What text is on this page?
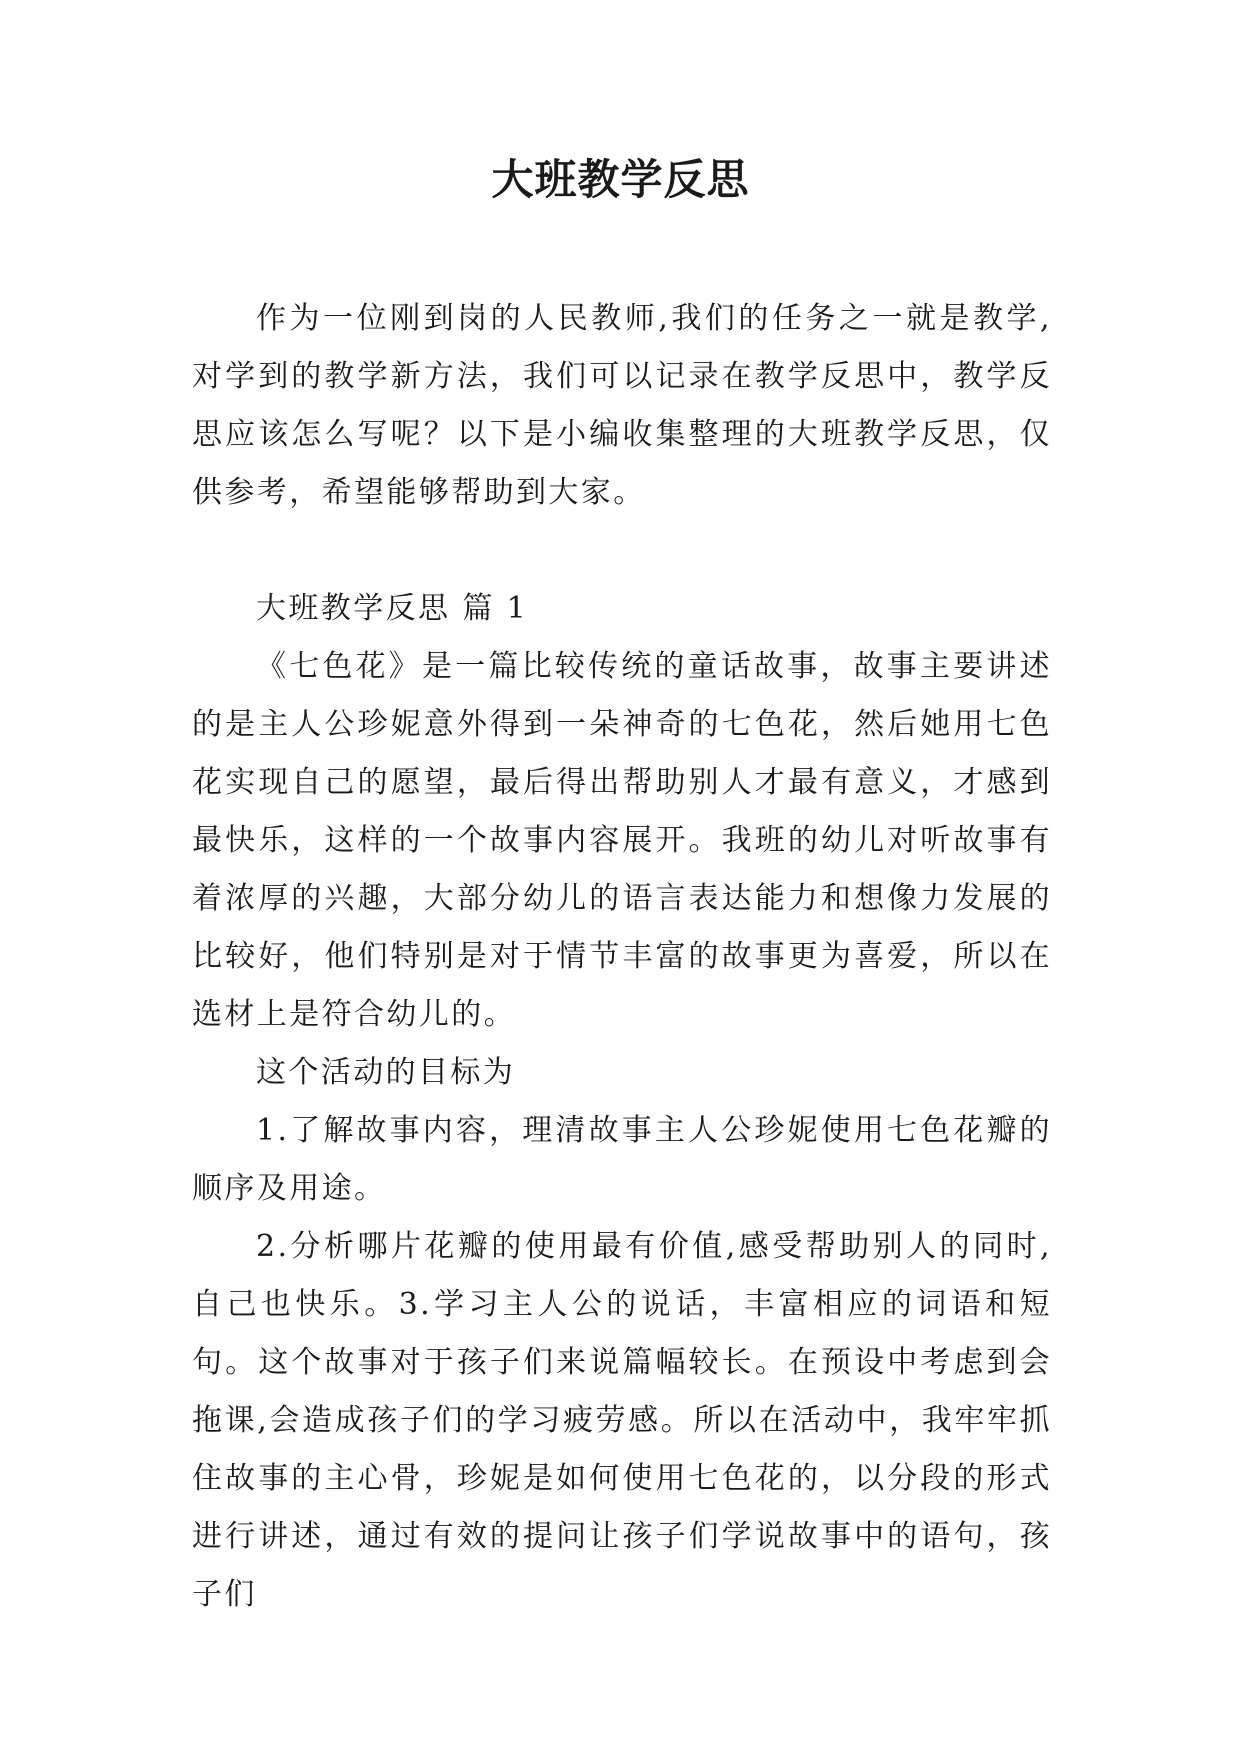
大班教学反思

作为一位刚到岗的人民教师,我们的任务之一就是教学,对学到的教学新方法，我们可以记录在教学反思中，教学反思应该怎么写呢？以下是小编收集整理的大班教学反思，仅供参考，希望能够帮助到大家。

大班教学反思 篇 1

《七色花》是一篇比较传统的童话故事，故事主要讲述的是主人公珍妮意外得到一朵神奇的七色花，然后她用七色花实现自己的愿望，最后得出帮助别人才最有意义，才感到最快乐，这样的一个故事内容展开。我班的幼儿对听故事有着浓厚的兴趣，大部分幼儿的语言表达能力和想像力发展的比较好，他们特别是对于情节丰富的故事更为喜爱，所以在选材上是符合幼儿的。

这个活动的目标为

1.了解故事内容，理清故事主人公珍妮使用七色花瓣的顺序及用途。

2.分析哪片花瓣的使用最有价值,感受帮助别人的同时,自己也快乐。3.学习主人公的说话，丰富相应的词语和短句。这个故事对于孩子们来说篇幅较长。在预设中考虑到会拖课,会造成孩子们的学习疲劳感。所以在活动中，我牢牢抓住故事的主心骨，珍妮是如何使用七色花的，以分段的形式进行讲述，通过有效的提问让孩子们学说故事中的语句，孩子们
